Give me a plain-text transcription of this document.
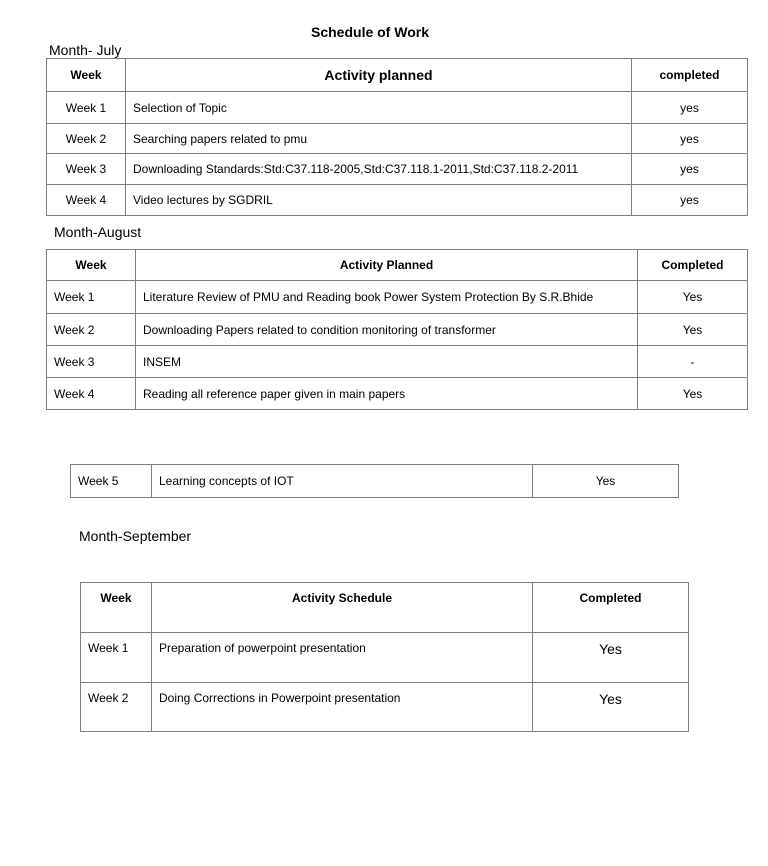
Schedule of Work
Month- July
Week	Activity planned	completed
Week 1	Selection of Topic	yes
Week 2	Searching papers related to pmu	yes
Week 3	Downloading Standards:Std:C37.118-2005,Std:C37.118.1-2011,Std:C37.118.2-2011	yes
Week 4	Video lectures by SGDRIL	yes
Month-August
Week	Activity Planned	Completed
Week 1	Literature Review of PMU and Reading book Power System Protection By S.R.Bhide	Yes
Week 2	Downloading Papers related to condition monitoring of transformer	Yes
Week 3	INSEM	-
Week 4	Reading all reference paper given in main papers	Yes
Week 5	Learning concepts of IOT	Yes
Month-September
Week	Activity Schedule	Completed
Week 1	Preparation of powerpoint presentation	Yes
Week 2	Doing Corrections in Powerpoint presentation	Yes
